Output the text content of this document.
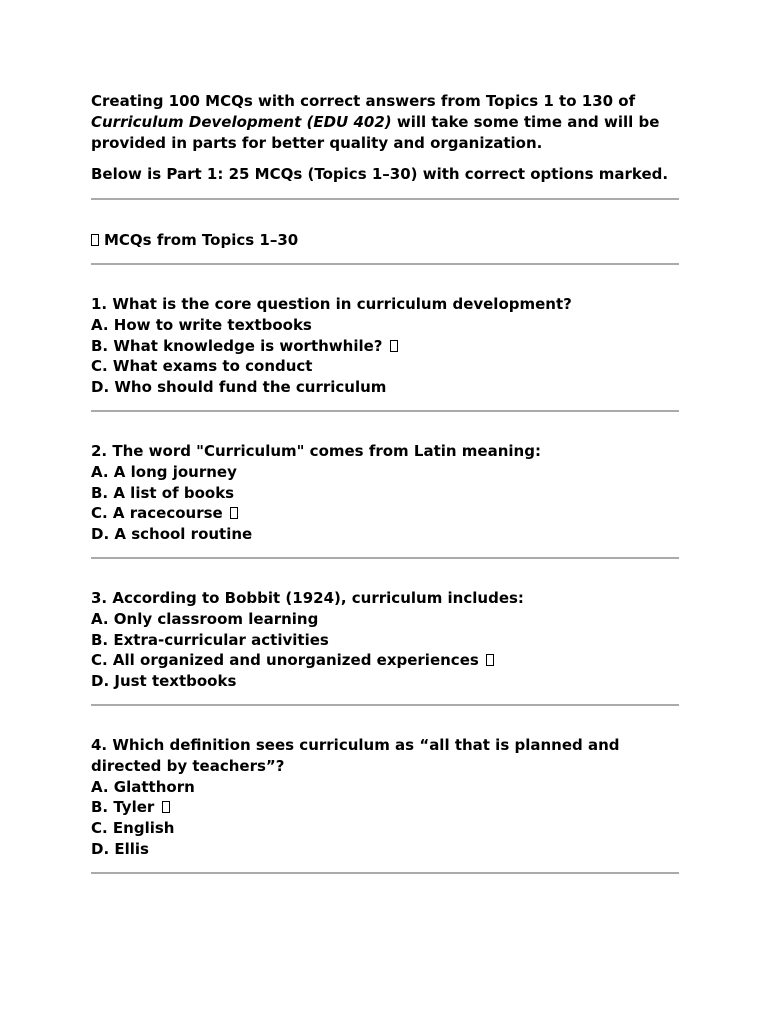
Creating 100 MCQs with correct answers from Topics 1 to 130 of Curriculum Development (EDU 402) will take some time and will be provided in parts for better quality and organization.

Below is Part 1: 25 MCQs (Topics 1–30) with correct options marked.

MCQs from Topics 1–30

1. What is the core question in curriculum development?
A. How to write textbooks
B. What knowledge is worthwhile?
C. What exams to conduct
D. Who should fund the curriculum
2. The word "Curriculum" comes from Latin meaning:
A. A long journey
B. A list of books
C. A racecourse
D. A school routine
3. According to Bobbit (1924), curriculum includes:
A. Only classroom learning
B. Extra-curricular activities
C. All organized and unorganized experiences
D. Just textbooks
4. Which definition sees curriculum as “all that is planned and directed by teachers”?
A. Glatthorn
B. Tyler
C. English
D. Ellis
